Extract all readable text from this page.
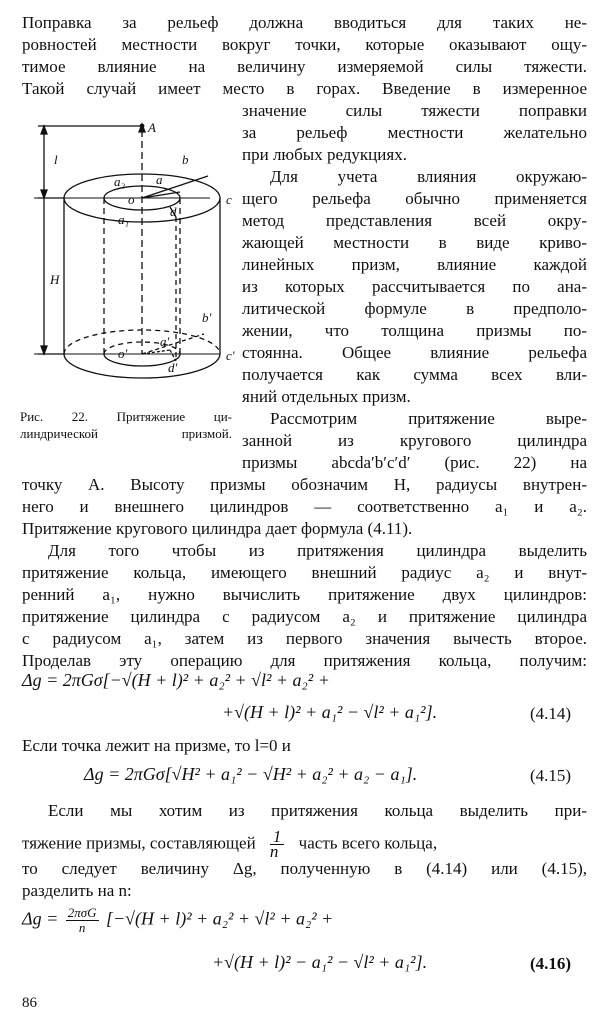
Поправка за рельеф должна вводиться для таких не-
ровностей местности вокруг точки, которые оказывают ощу-
тимое влияние на величину измеряемой силы тяжести.
Такой случай имеет место в горах. Введение в измеренное
значение силы тяжести поправки
за рельеф местности желательно
при любых редукциях.
Для учета влияния окружаю-
щего рельефа обычно применяется
метод представления всей окру-
жающей местности в виде криво-
линейных призм, влияние каждой
из которых рассчитывается по ана-
литической формуле в предполо-
жении, что толщина призмы по-
стоянна. Общее влияние рельефа
получается как сумма всех вли-
яний отдельных призм.
Рассмотрим притяжение выре-
занной из кругового цилиндра
призмы abcda′b′c′d′ (рис. 22) на
A
l
H
a₂ a
b
o
d
c
a₁
b′
o′
a′
d′
c′
Рис. 22. Притяжение ци-
линдрической призмой.
точку A. Высоту призмы обозначим H, радиусы внутрен-
него и внешнего цилиндров — соответственно a₁ и a₂.
Притяжение кругового цилиндра дает формула (4.11).
Для того чтобы из притяжения цилиндра выделить
притяжение кольца, имеющего внешний радиус a₂ и внут-
ренний a₁, нужно вычислить притяжение двух цилиндров:
притяжение цилиндра с радиусом a₂ и притяжение цилиндра
с радиусом a₁, затем из первого значения вычесть второе.
Проделав эту операцию для притяжения кольца, получим:
Δg = 2πGσ[−√(H + l)² + a₂² + √l² + a₂² +
+√(H + l)² + a₁² − √l² + a₁²].	(4.14)
Если точка лежит на призме, то l=0 и
Δg = 2πGσ[√H² + a₁² − √H² + a₂² + a₂ − a₁].	(4.15)
Если мы хотим из притяжения кольца выделить при-
тяжение призмы, составляющей $\frac{1}{n}$ часть всего кольца,
то следует величину Δg, полученную в (4.14) или (4.15),
разделить на n:
Δg = 2πσG
n	[−√(H + l)² + a₂² + √l² + a₂² +
+√(H + l)² − a₁² − √l² + a₁²].	(4.16)
86
